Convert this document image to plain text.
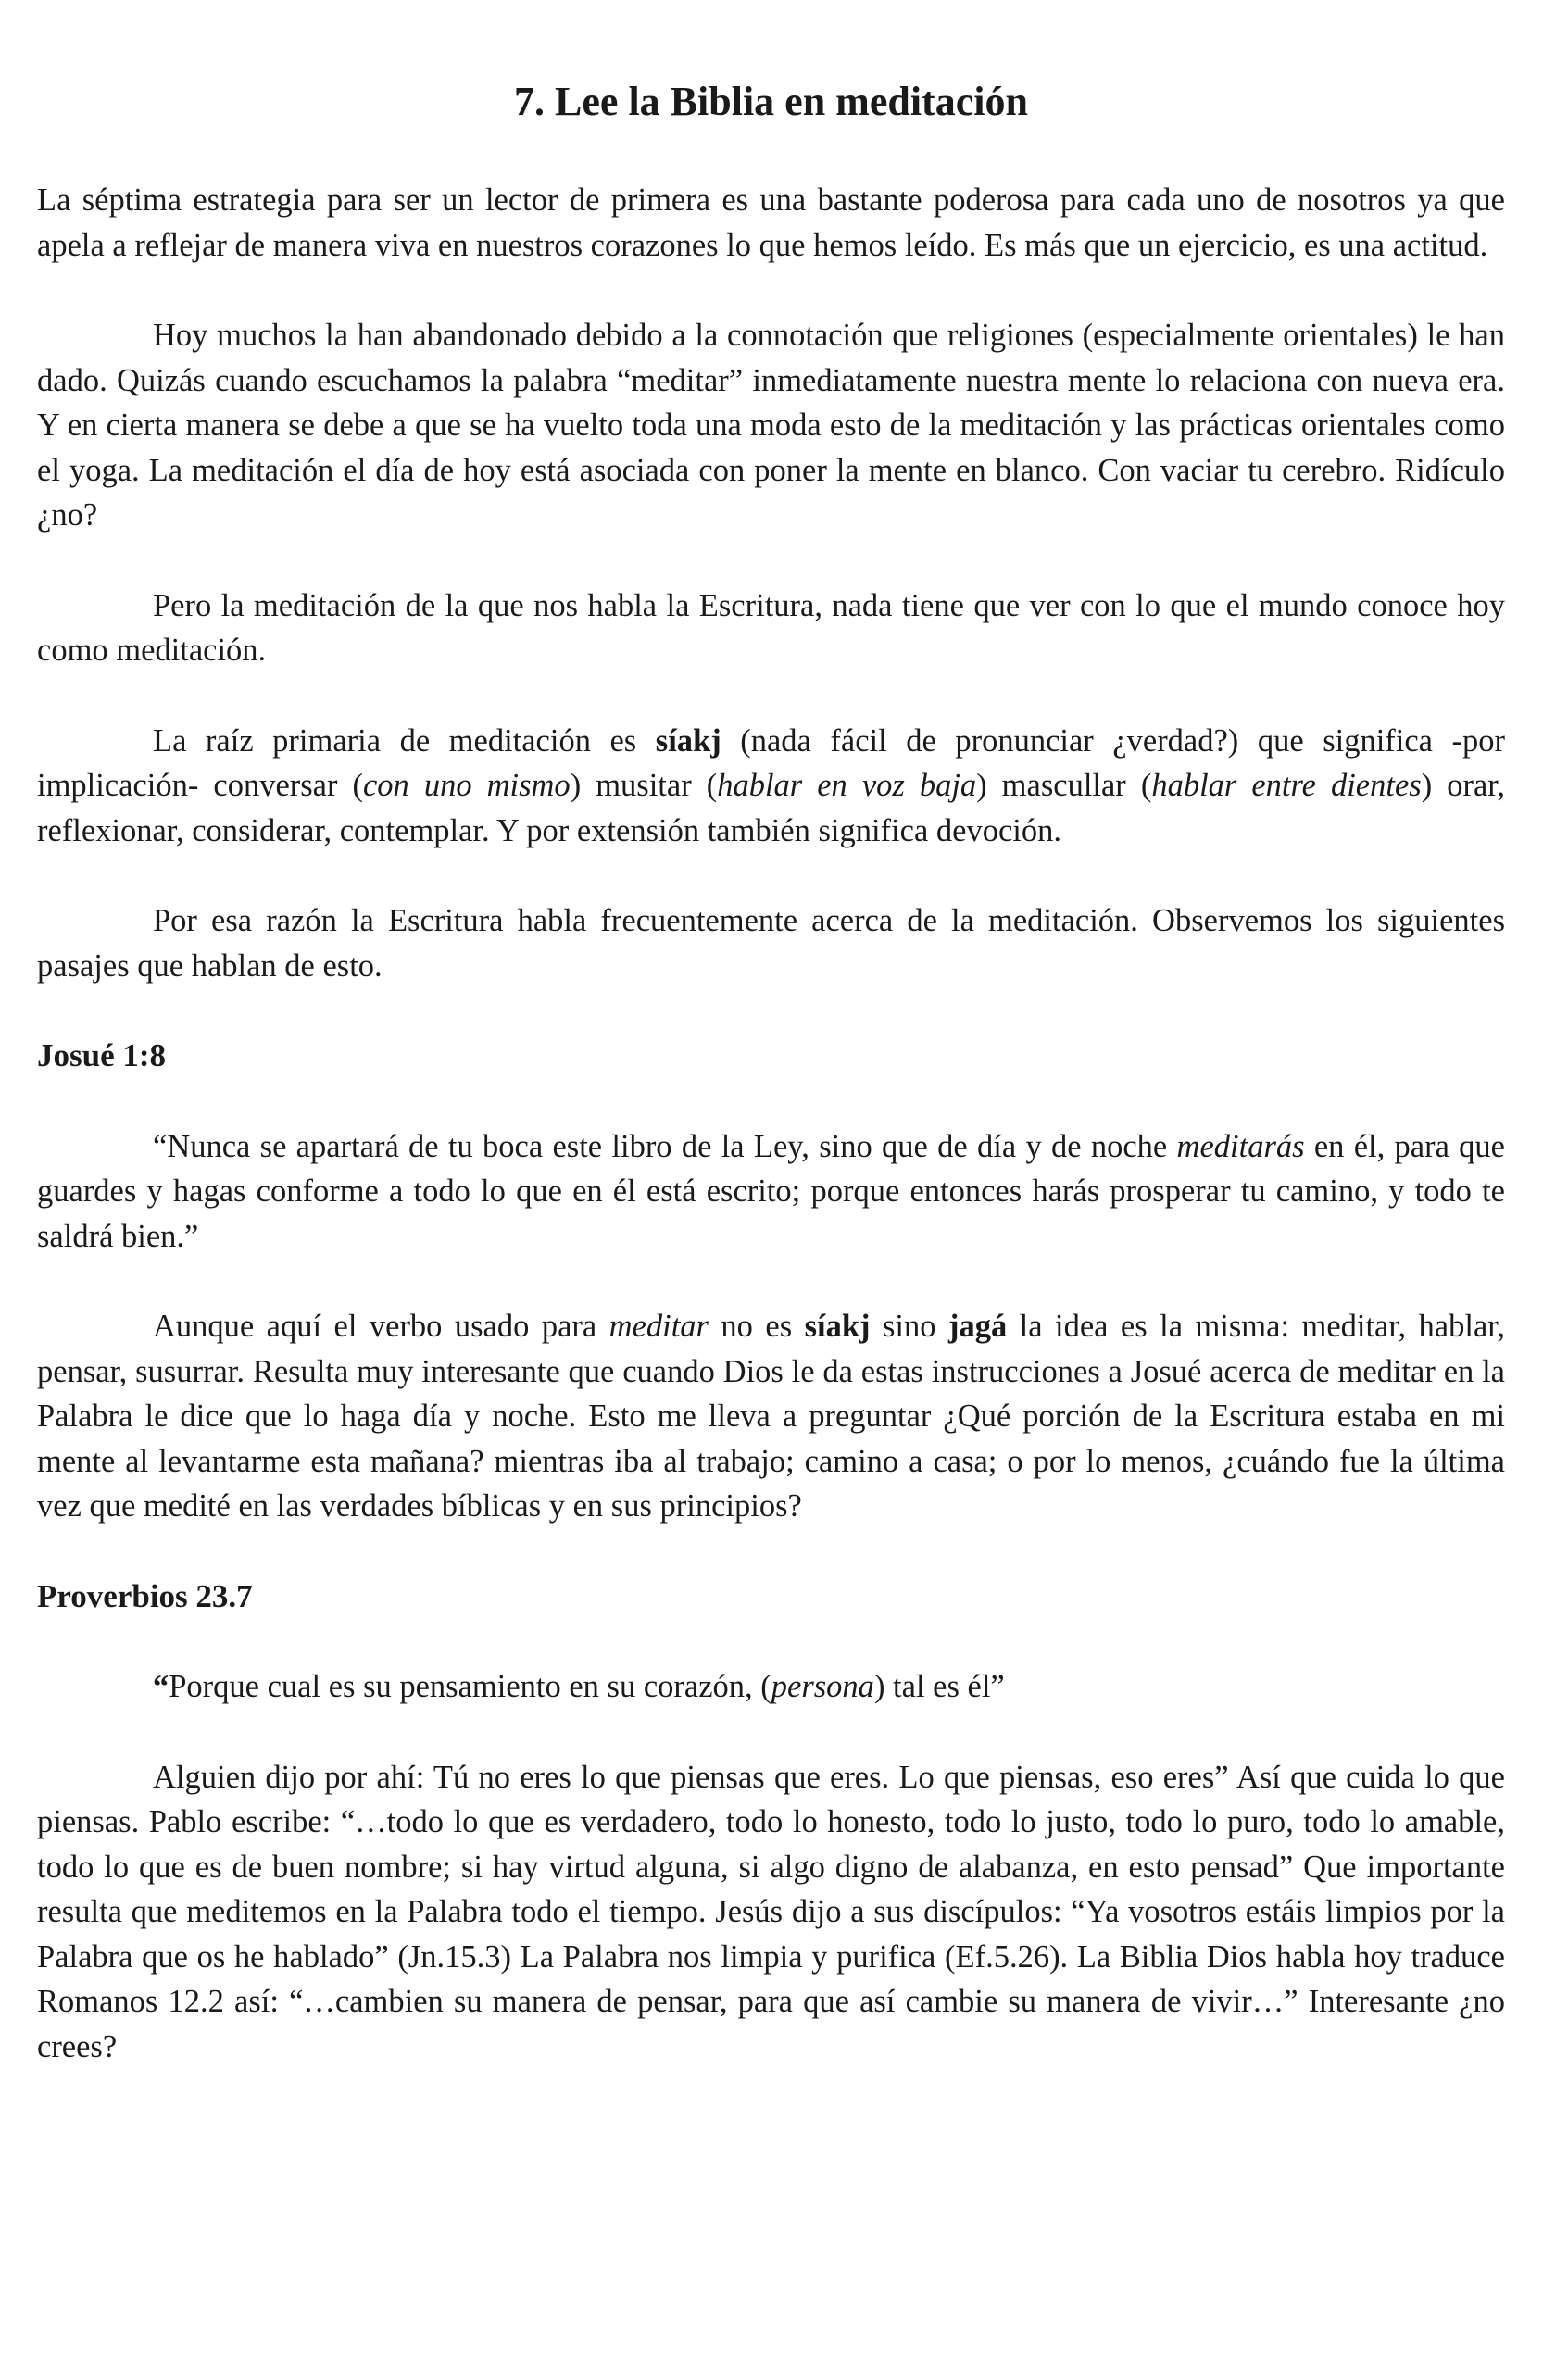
7. Lee la Biblia en meditación

La séptima estrategia para ser un lector de primera es una bastante poderosa para cada uno de nosotros ya que apela a reflejar de manera viva en nuestros corazones lo que hemos leído. Es más que un ejercicio, es una actitud.

Hoy muchos la han abandonado debido a la connotación que religiones (especialmente orientales) le han dado. Quizás cuando escuchamos la palabra “meditar” inmediatamente nuestra mente lo relaciona con nueva era. Y en cierta manera se debe a que se ha vuelto toda una moda esto de la meditación y las prácticas orientales como el yoga. La meditación el día de hoy está asociada con poner la mente en blanco. Con vaciar tu cerebro. Ridículo ¿no?

Pero la meditación de la que nos habla la Escritura, nada tiene que ver con lo que el mundo conoce hoy como meditación.

La raíz primaria de meditación es síakj (nada fácil de pronunciar ¿verdad?) que significa -por implicación- conversar (con uno mismo) musitar (hablar en voz baja) mascullar (hablar entre dientes) orar, reflexionar, considerar, contemplar. Y por extensión también significa devoción.

Por esa razón la Escritura habla frecuentemente acerca de la meditación. Observemos los siguientes pasajes que hablan de esto.

Josué 1:8

“Nunca se apartará de tu boca este libro de la Ley, sino que de día y de noche meditarás en él, para que guardes y hagas conforme a todo lo que en él está escrito; porque entonces harás prosperar tu camino, y todo te saldrá bien.”

Aunque aquí el verbo usado para meditar no es síakj sino jagá la idea es la misma: meditar, hablar, pensar, susurrar. Resulta muy interesante que cuando Dios le da estas instrucciones a Josué acerca de meditar en la Palabra le dice que lo haga día y noche. Esto me lleva a preguntar ¿Qué porción de la Escritura estaba en mi mente al levantarme esta mañana? mientras iba al trabajo; camino a casa; o por lo menos, ¿cuándo fue la última vez que medité en las verdades bíblicas y en sus principios?

Proverbios 23.7

“Porque cual es su pensamiento en su corazón, (persona) tal es él”

Alguien dijo por ahí: Tú no eres lo que piensas que eres. Lo que piensas, eso eres” Así que cuida lo que piensas. Pablo escribe: “…todo lo que es verdadero, todo lo honesto, todo lo justo, todo lo puro, todo lo amable, todo lo que es de buen nombre; si hay virtud alguna, si algo digno de alabanza, en esto pensad” Que importante resulta que meditemos en la Palabra todo el tiempo. Jesús dijo a sus discípulos: “Ya vosotros estáis limpios por la Palabra que os he hablado” (Jn.15.3) La Palabra nos limpia y purifica (Ef.5.26). La Biblia Dios habla hoy traduce Romanos 12.2 así: “…cambien su manera de pensar, para que así cambie su manera de vivir…” Interesante ¿no crees?
